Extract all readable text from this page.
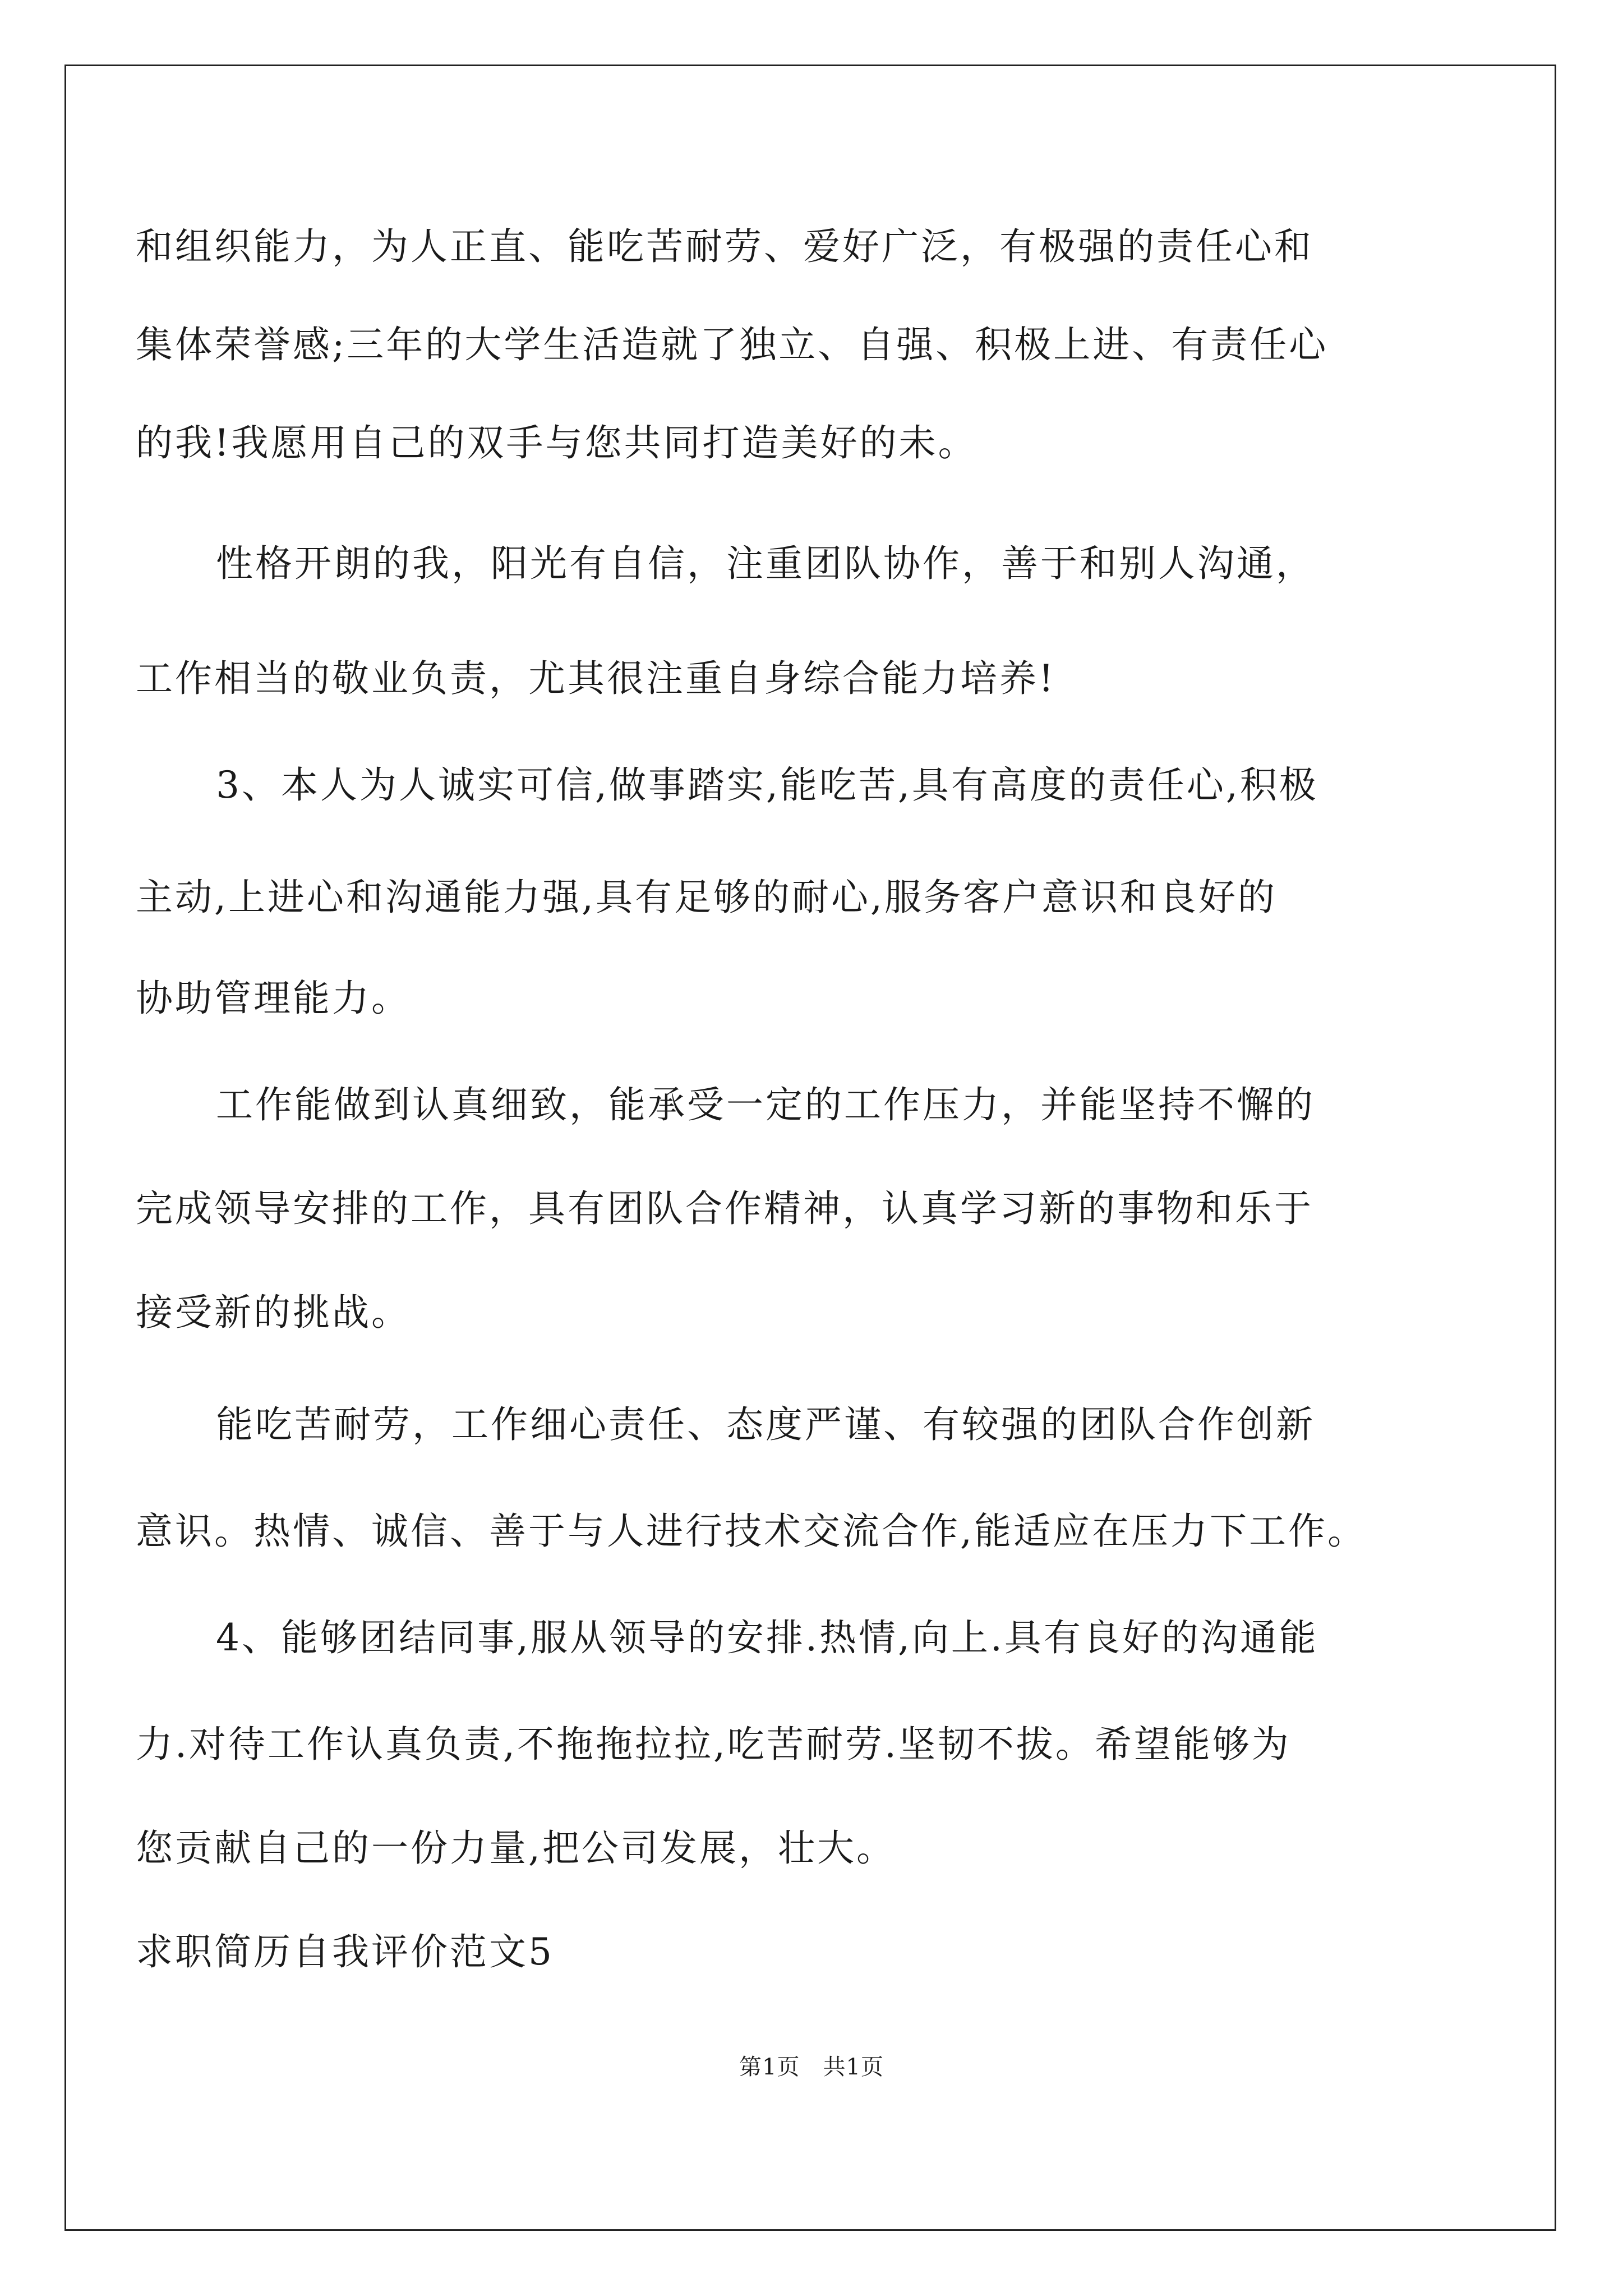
和组织能力，为人正直、能吃苦耐劳、爱好广泛，有极强的责任心和
集体荣誉感;三年的大学生活造就了独立、自强、积极上进、有责任心
的我!我愿用自己的双手与您共同打造美好的未。
性格开朗的我，阳光有自信，注重团队协作，善于和别人沟通，
工作相当的敬业负责，尤其很注重自身综合能力培养!
3、本人为人诚实可信,做事踏实,能吃苦,具有高度的责任心,积极
主动,上进心和沟通能力强,具有足够的耐心,服务客户意识和良好的
协助管理能力。
工作能做到认真细致，能承受一定的工作压力，并能坚持不懈的
完成领导安排的工作，具有团队合作精神，认真学习新的事物和乐于
接受新的挑战。
能吃苦耐劳，工作细心责任、态度严谨、有较强的团队合作创新
意识。热情、诚信、善于与人进行技术交流合作,能适应在压力下工作。
4、能够团结同事,服从领导的安排.热情,向上.具有良好的沟通能
力.对待工作认真负责,不拖拖拉拉,吃苦耐劳.坚韧不拔。希望能够为
您贡献自己的一份力量,把公司发展，壮大。
求职简历自我评价范文5
第1页　共1页
